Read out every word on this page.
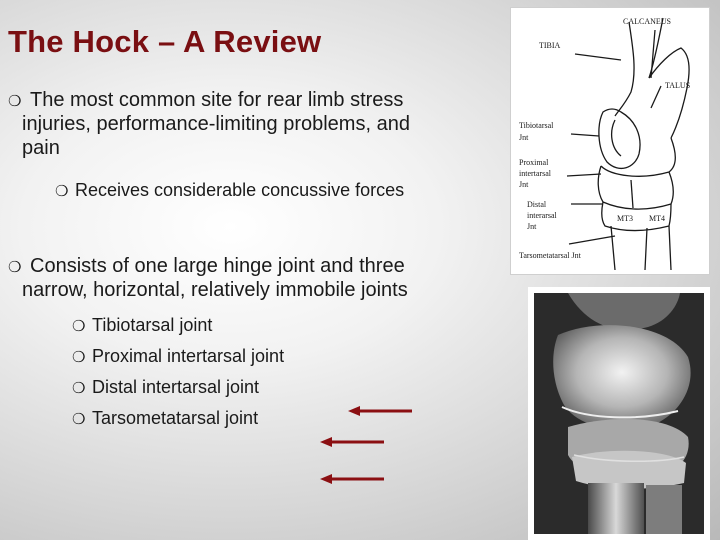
The Hock – A Review
❍ The most common site for rear limb stress
injuries, performance-limiting problems, and
pain
❍ Receives considerable concussive forces
❍ Consists of one large hinge joint and three
narrow, horizontal, relatively immobile joints
❍ Tibiotarsal joint
❍ Proximal intertarsal joint
❍ Distal intertarsal joint
❍ Tarsometatarsal joint
CALCANEUS
TIBIA
TALUS
Tibiotarsal
Jnt
Proximal
intertarsal
Jnt
Distal
interarsal
Jnt
MT3 MT4
Tarsometatarsal Jnt
